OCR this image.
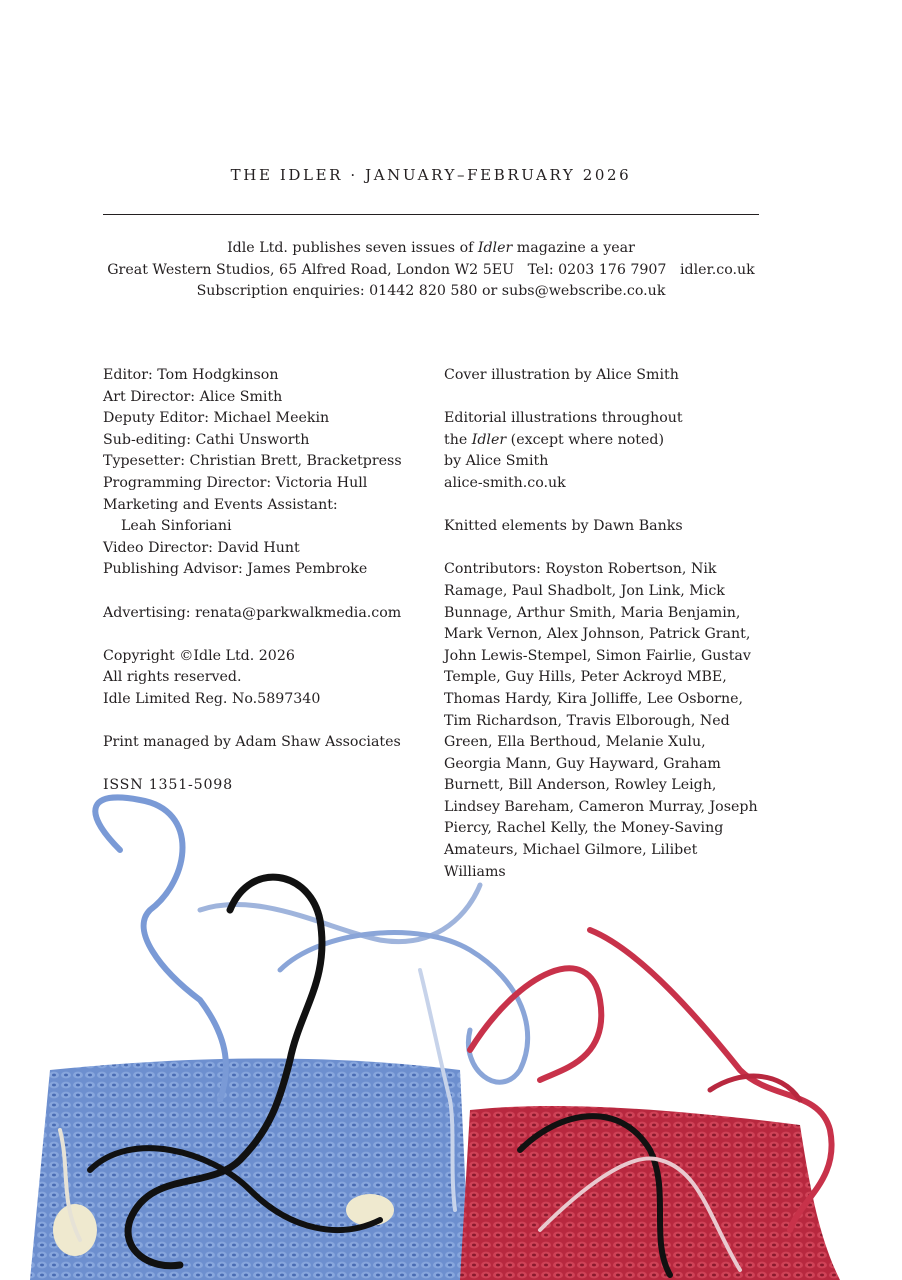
THE IDLER · JANUARY–FEBRUARY 2026
Idle Ltd. publishes seven issues of Idler magazine a year
Great Western Studios, 65 Alfred Road, London W2 5EU Tel: 0203 176 7907 idler.co.uk
Subscription enquiries: 01442 820 580 or subs@webscribe.co.uk

Editor: Tom Hodgkinson
Art Director: Alice Smith
Deputy Editor: Michael Meekin
Sub-editing: Cathi Unsworth
Typesetter: Christian Brett, Bracketpress
Programming Director: Victoria Hull
Marketing and Events Assistant:
Leah Sinforiani
Video Director: David Hunt
Publishing Advisor: James Pembroke

Advertising: renata@parkwalkmedia.com

Copyright ©Idle Ltd. 2026
All rights reserved.
Idle Limited Reg. No.5897340

Print managed by Adam Shaw Associates

ISSN 1351-5098

Cover illustration by Alice Smith

Editorial illustrations throughout
the Idler (except where noted)
by Alice Smith
alice-smith.co.uk

Knitted elements by Dawn Banks

Contributors: Royston Robertson, Nik
Ramage, Paul Shadbolt, Jon Link, Mick
Bunnage, Arthur Smith, Maria Benjamin,
Mark Vernon, Alex Johnson, Patrick Grant,
John Lewis-Stempel, Simon Fairlie, Gustav
Temple, Guy Hills, Peter Ackroyd MBE,
Thomas Hardy, Kira Jolliffe, Lee Osborne,
Tim Richardson, Travis Elborough, Ned
Green, Ella Berthoud, Melanie Xulu,
Georgia Mann, Guy Hayward, Graham
Burnett, Bill Anderson, Rowley Leigh,
Lindsey Bareham, Cameron Murray, Joseph
Piercy, Rachel Kelly, the Money-Saving
Amateurs, Michael Gilmore, Lilibet
Williams
